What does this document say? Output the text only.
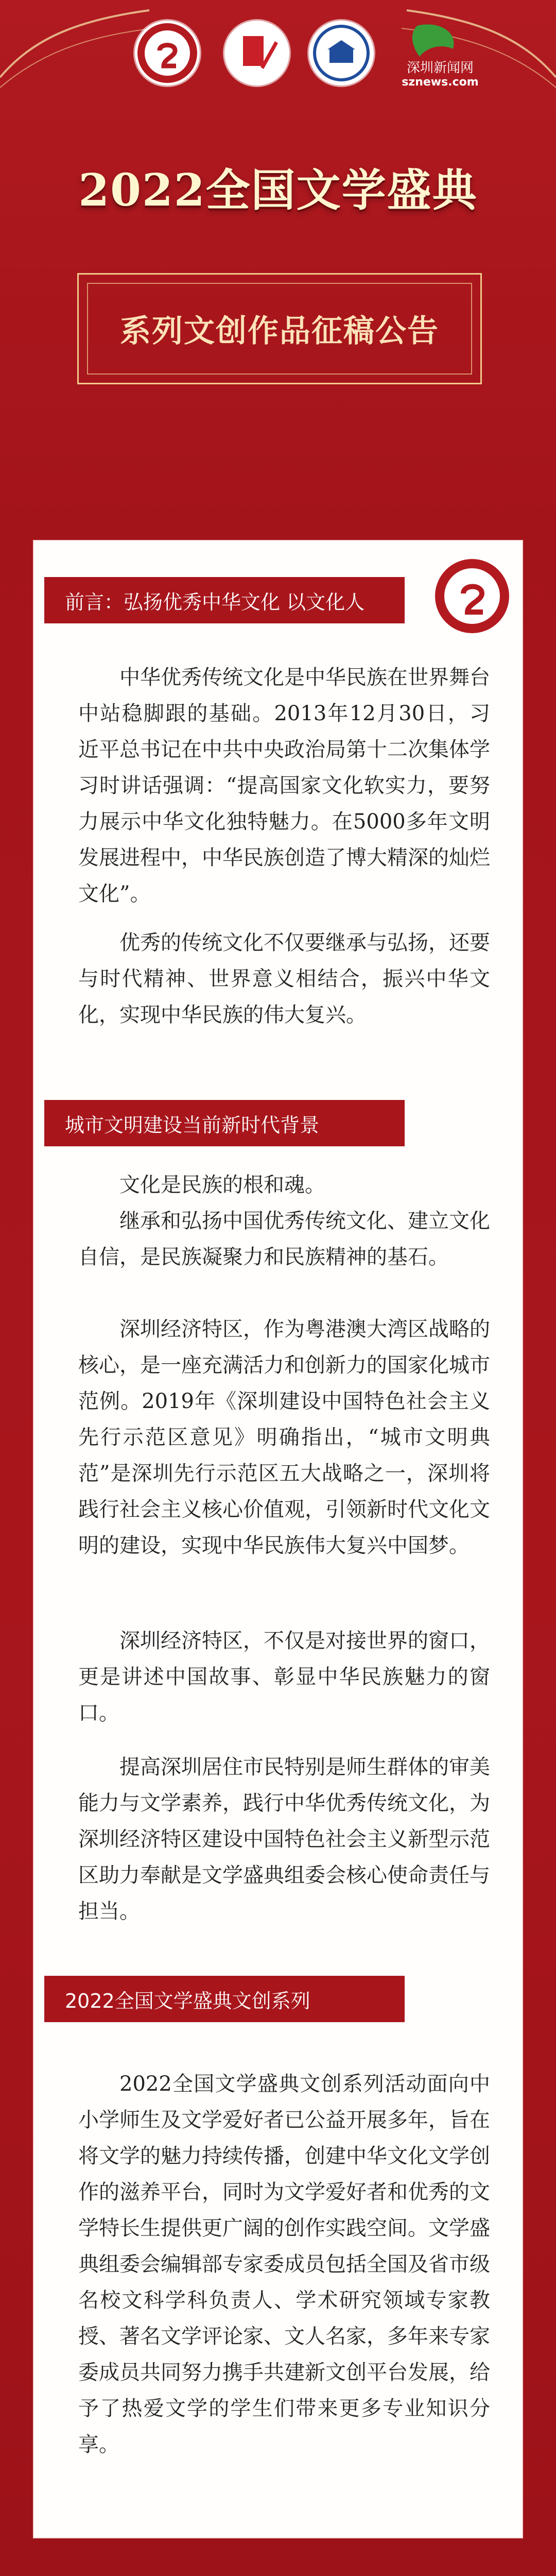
深圳新闻网
sznews.com
2022全国文学盛典
系列文创作品征稿公告
前言：弘扬优秀中华文化 以文化人
中华优秀传统文化是中华民族在世界舞台中站稳脚跟的基础。2013年12月30日，习近平总书记在中共中央政治局第十二次集体学习时讲话强调：“提高国家文化软实力，要努力展示中华文化独特魅力。在5000多年文明发展进程中，中华民族创造了博大精深的灿烂文化”。
优秀的传统文化不仅要继承与弘扬，还要与时代精神、世界意义相结合，振兴中华文化，实现中华民族的伟大复兴。
城市文明建设当前新时代背景
文化是民族的根和魂。
继承和弘扬中国优秀传统文化、建立文化自信，是民族凝聚力和民族精神的基石。
深圳经济特区，作为粤港澳大湾区战略的核心，是一座充满活力和创新力的国家化城市范例。2019年《深圳建设中国特色社会主义先行示范区意见》明确指出，“城市文明典范”是深圳先行示范区五大战略之一，深圳将践行社会主义核心价值观，引领新时代文化文明的建设，实现中华民族伟大复兴中国梦。
深圳经济特区，不仅是对接世界的窗口，更是讲述中国故事、彰显中华民族魅力的窗口。
提高深圳居住市民特别是师生群体的审美能力与文学素养，践行中华优秀传统文化，为深圳经济特区建设中国特色社会主义新型示范区助力奉献是文学盛典组委会核心使命责任与担当。
2022全国文学盛典文创系列
2022全国文学盛典文创系列活动面向中小学师生及文学爱好者已公益开展多年，旨在将文学的魅力持续传播，创建中华文化文学创作的滋养平台，同时为文学爱好者和优秀的文学特长生提供更广阔的创作实践空间。文学盛典组委会编辑部专家委成员包括全国及省市级名校文科学科负责人、学术研究领域专家教授、著名文学评论家、文人名家，多年来专家委成员共同努力携手共建新文创平台发展，给予了热爱文学的学生们带来更多专业知识分享。
